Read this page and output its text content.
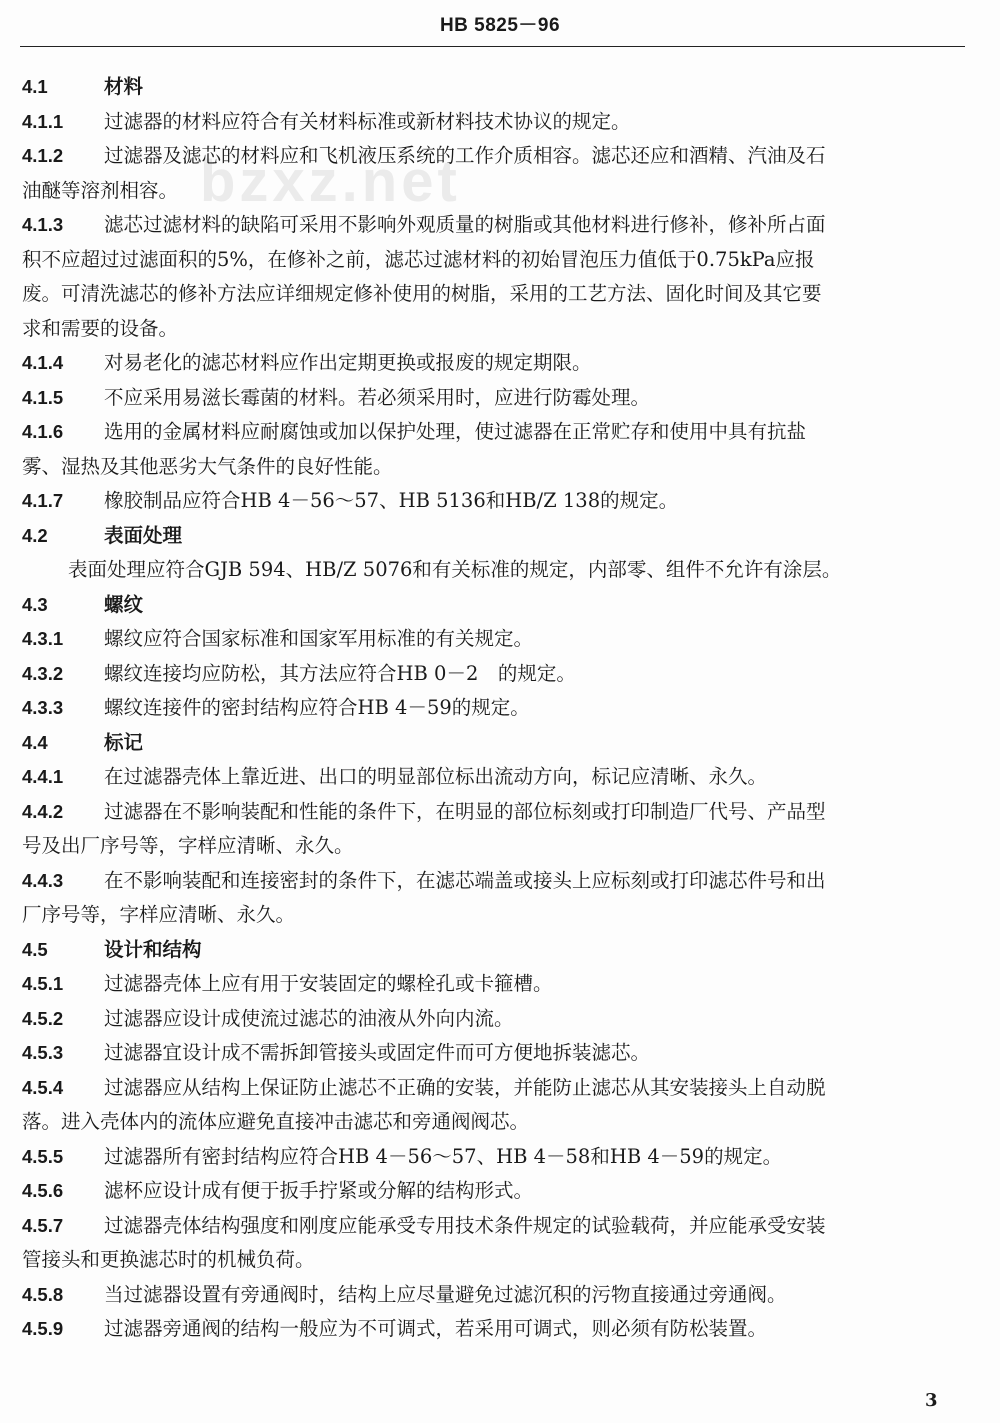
HB 5825－96
bzxz.net
4.1	材料
4.1.1 过滤器的材料应符合有关材料标准或新材料技术协议的规定。
4.1.2 过滤器及滤芯的材料应和飞机液压系统的工作介质相容。滤芯还应和酒精、汽油及石
油醚等溶剂相容。
4.1.3 滤芯过滤材料的缺陷可采用不影响外观质量的树脂或其他材料进行修补，修补所占面
积不应超过过滤面积的5%，在修补之前，滤芯过滤材料的初始冒泡压力值低于0.75kPa应报
废。可清洗滤芯的修补方法应详细规定修补使用的树脂，采用的工艺方法、固化时间及其它要
求和需要的设备。
4.1.4 对易老化的滤芯材料应作出定期更换或报废的规定期限。
4.1.5 不应采用易滋长霉菌的材料。若必须采用时，应进行防霉处理。
4.1.6 选用的金属材料应耐腐蚀或加以保护处理，使过滤器在正常贮存和使用中具有抗盐
雾、湿热及其他恶劣大气条件的良好性能。
4.1.7 橡胶制品应符合HB 4－56～57、HB 5136和HB/Z 138的规定。
4.2	表面处理
表面处理应符合GJB 594、HB/Z 5076和有关标准的规定，内部零、组件不允许有涂层。
4.3	螺纹
4.3.1 螺纹应符合国家标准和国家军用标准的有关规定。
4.3.2 螺纹连接均应防松，其方法应符合HB 0－2　的规定。
4.3.3 螺纹连接件的密封结构应符合HB 4－59的规定。
4.4	标记
4.4.1 在过滤器壳体上靠近进、出口的明显部位标出流动方向，标记应清晰、永久。
4.4.2 过滤器在不影响装配和性能的条件下，在明显的部位标刻或打印制造厂代号、产品型
号及出厂序号等，字样应清晰、永久。
4.4.3 在不影响装配和连接密封的条件下，在滤芯端盖或接头上应标刻或打印滤芯件号和出
厂序号等，字样应清晰、永久。
4.5	设计和结构
4.5.1 过滤器壳体上应有用于安装固定的螺栓孔或卡箍槽。
4.5.2 过滤器应设计成使流过滤芯的油液从外向内流。
4.5.3 过滤器宜设计成不需拆卸管接头或固定件而可方便地拆装滤芯。
4.5.4 过滤器应从结构上保证防止滤芯不正确的安装，并能防止滤芯从其安装接头上自动脱
落。进入壳体内的流体应避免直接冲击滤芯和旁通阀阀芯。
4.5.5 过滤器所有密封结构应符合HB 4－56～57、HB 4－58和HB 4－59的规定。
4.5.6 滤杯应设计成有便于扳手拧紧或分解的结构形式。
4.5.7 过滤器壳体结构强度和刚度应能承受专用技术条件规定的试验载荷，并应能承受安装
管接头和更换滤芯时的机械负荷。
4.5.8 当过滤器设置有旁通阀时，结构上应尽量避免过滤沉积的污物直接通过旁通阀。
4.5.9 过滤器旁通阀的结构一般应为不可调式，若采用可调式，则必须有防松装置。
3
